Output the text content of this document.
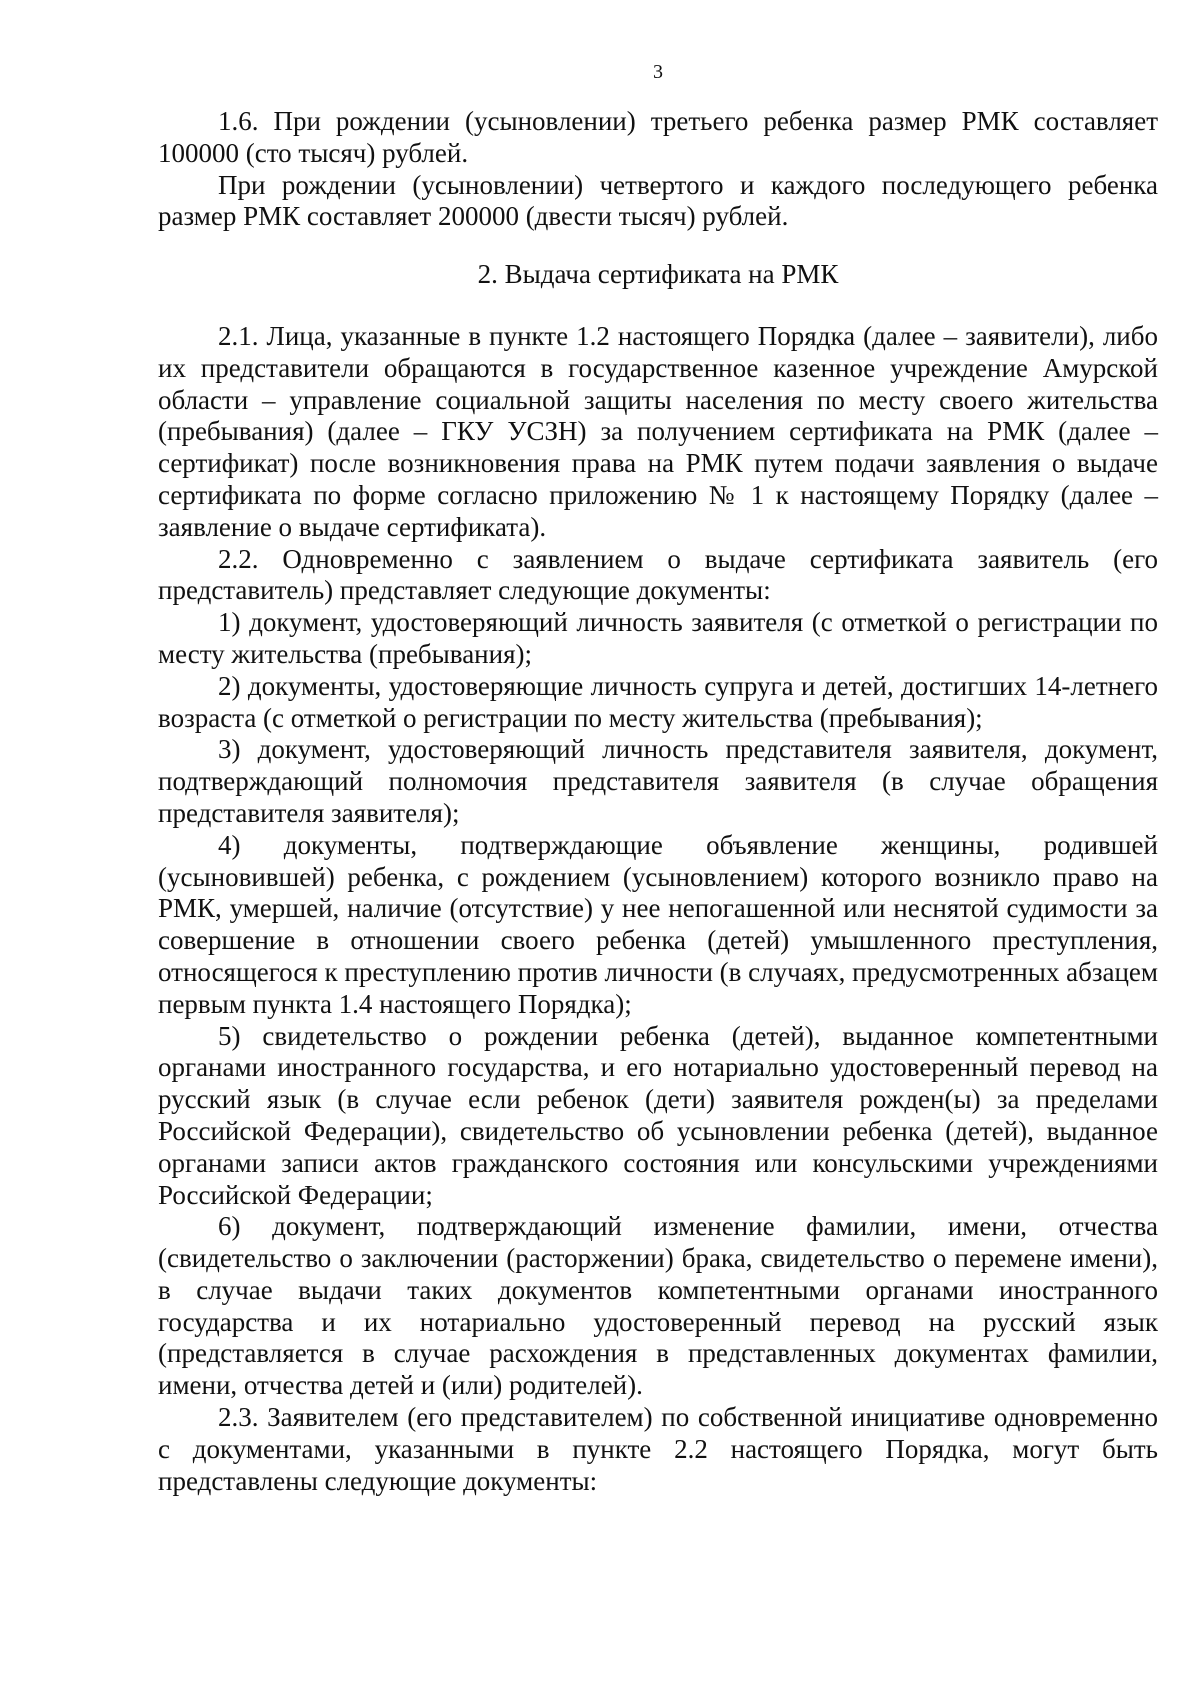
3

1.6. При рождении (усыновлении) третьего ребенка размер РМК составляет 100000 (сто тысяч) рублей.

При рождении (усыновлении) четвертого и каждого последующего ребенка размер РМК составляет 200000 (двести тысяч) рублей.

2. Выдача сертификата на РМК

2.1. Лица, указанные в пункте 1.2 настоящего Порядка (далее – заявители), либо их представители обращаются в государственное казенное учреждение Амурской области – управление социальной защиты населения по месту своего жительства (пребывания) (далее – ГКУ УСЗН) за получением сертификата на РМК (далее – сертификат) после возникновения права на РМК путем подачи заявления о выдаче сертификата по форме согласно приложению № 1 к настоящему Порядку (далее – заявление о выдаче сертификата).

2.2. Одновременно с заявлением о выдаче сертификата заявитель (его представитель) представляет следующие документы:

1) документ, удостоверяющий личность заявителя (с отметкой о регистрации по месту жительства (пребывания);

2) документы, удостоверяющие личность супруга и детей, достигших 14-летнего возраста (с отметкой о регистрации по месту жительства (пребывания);

3) документ, удостоверяющий личность представителя заявителя, документ, подтверждающий полномочия представителя заявителя (в случае обращения представителя заявителя);

4) документы, подтверждающие объявление женщины, родившей (усыновившей) ребенка, с рождением (усыновлением) которого возникло право на РМК, умершей, наличие (отсутствие) у нее непогашенной или неснятой судимости за совершение в отношении своего ребенка (детей) умышленного преступления, относящегося к преступлению против личности (в случаях, предусмотренных абзацем первым пункта 1.4 настоящего Порядка);

5) свидетельство о рождении ребенка (детей), выданное компетентными органами иностранного государства, и его нотариально удостоверенный перевод на русский язык (в случае если ребенок (дети) заявителя рожден(ы) за пределами Российской Федерации), свидетельство об усыновлении ребенка (детей), выданное органами записи актов гражданского состояния или консульскими учреждениями Российской Федерации;

6) документ, подтверждающий изменение фамилии, имени, отчества (свидетельство о заключении (расторжении) брака, свидетельство о перемене имени), в случае выдачи таких документов компетентными органами иностранного государства и их нотариально удостоверенный перевод на русский язык (представляется в случае расхождения в представленных документах фамилии, имени, отчества детей и (или) родителей).

2.3. Заявителем (его представителем) по собственной инициативе одновременно с документами, указанными в пункте 2.2 настоящего Порядка, могут быть представлены следующие документы:
